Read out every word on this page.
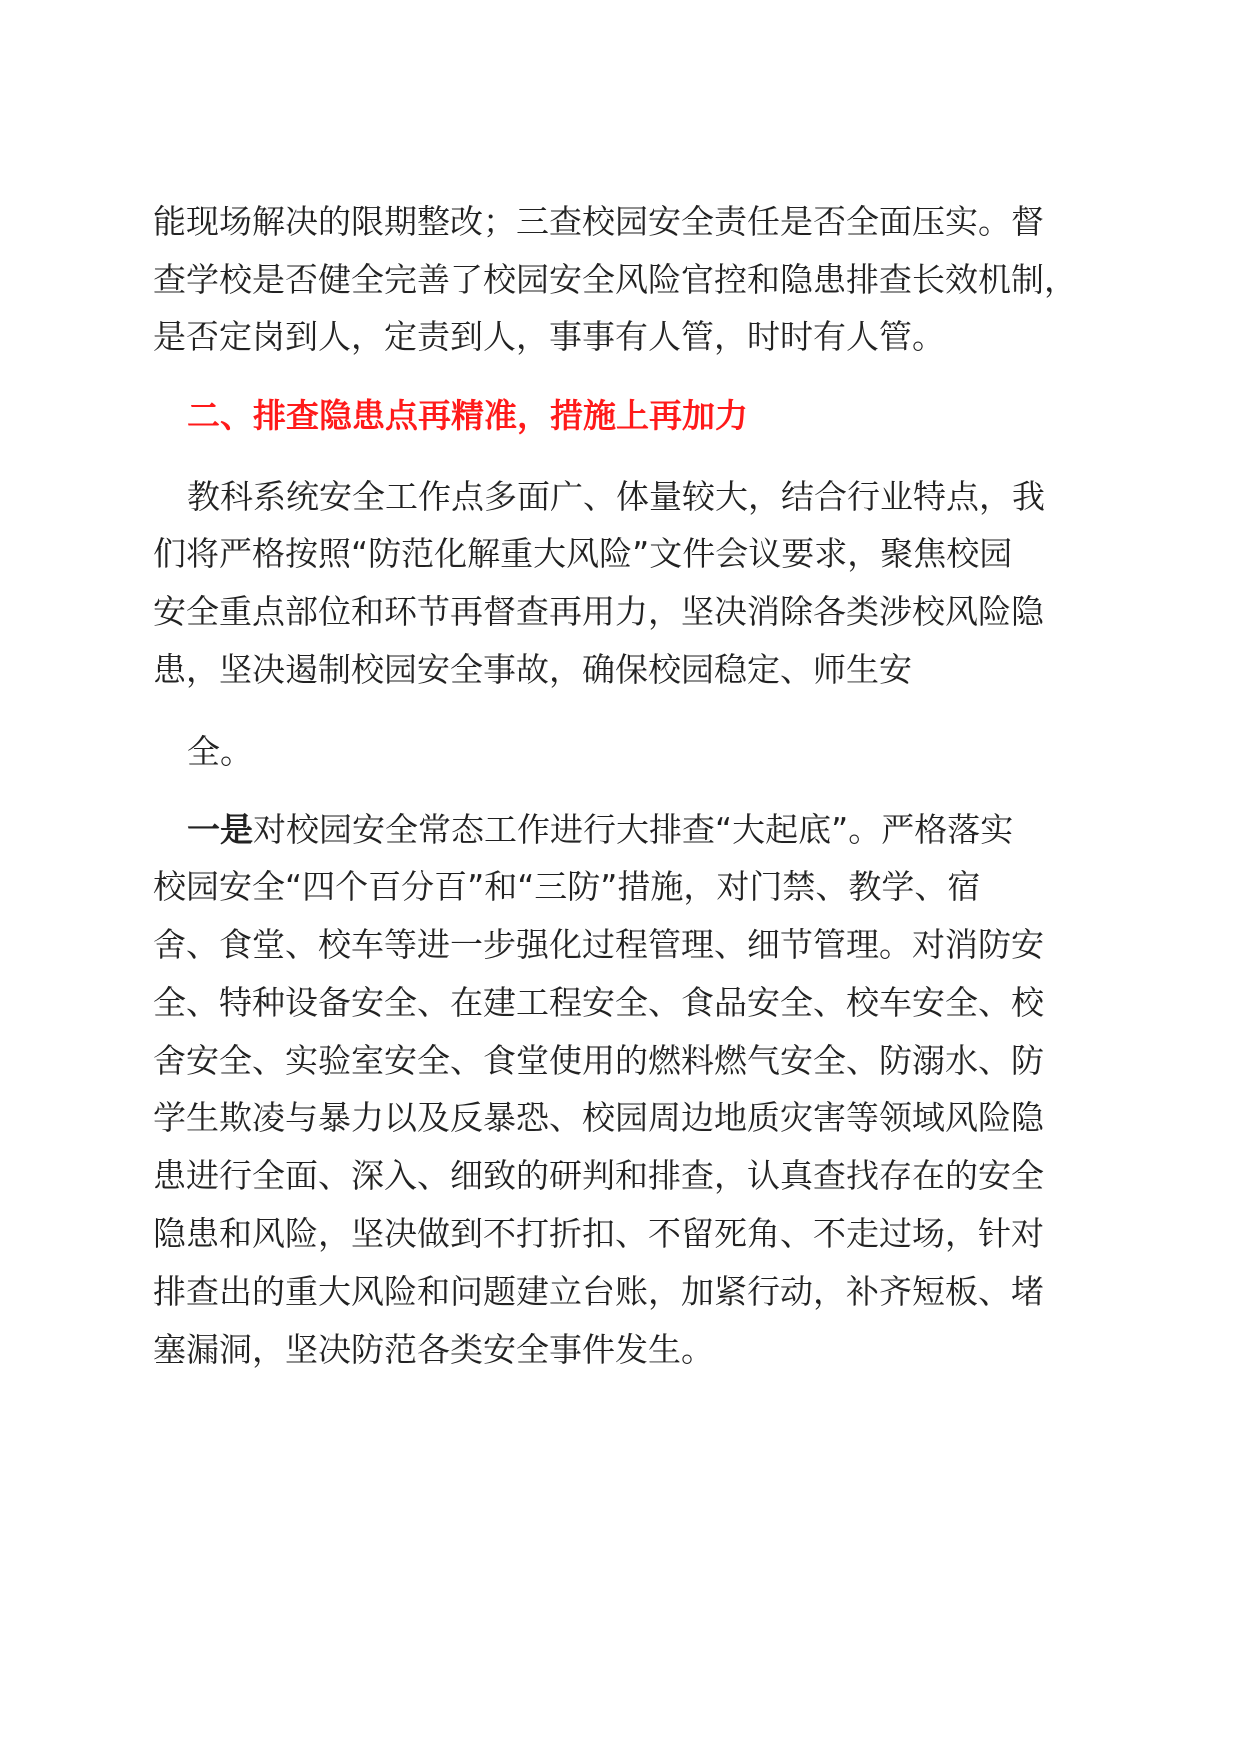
能现场解决的限期整改；三查校园安全责任是否全面压实。督
查学校是否健全完善了校园安全风险官控和隐患排查长效机制，
是否定岗到人，定责到人，事事有人管，时时有人管。
二、排查隐患点再精准，措施上再加力
教科系统安全工作点多面广、体量较大，结合行业特点，我
们将严格按照“防范化解重大风险”文件会议要求，聚焦校园
安全重点部位和环节再督查再用力，坚决消除各类涉校风险隐
患，坚决遏制校园安全事故，确保校园稳定、师生安
全。
一是对校园安全常态工作进行大排查“大起底”。严格落实
校园安全“四个百分百”和“三防”措施，对门禁、教学、宿
舍、食堂、校车等进一步强化过程管理、细节管理。对消防安
全、特种设备安全、在建工程安全、食品安全、校车安全、校
舍安全、实验室安全、食堂使用的燃料燃气安全、防溺水、防
学生欺凌与暴力以及反暴恐、校园周边地质灾害等领域风险隐
患进行全面、深入、细致的研判和排查，认真查找存在的安全
隐患和风险，坚决做到不打折扣、不留死角、不走过场，针对
排查出的重大风险和问题建立台账，加紧行动，补齐短板、堵
塞漏洞，坚决防范各类安全事件发生。
